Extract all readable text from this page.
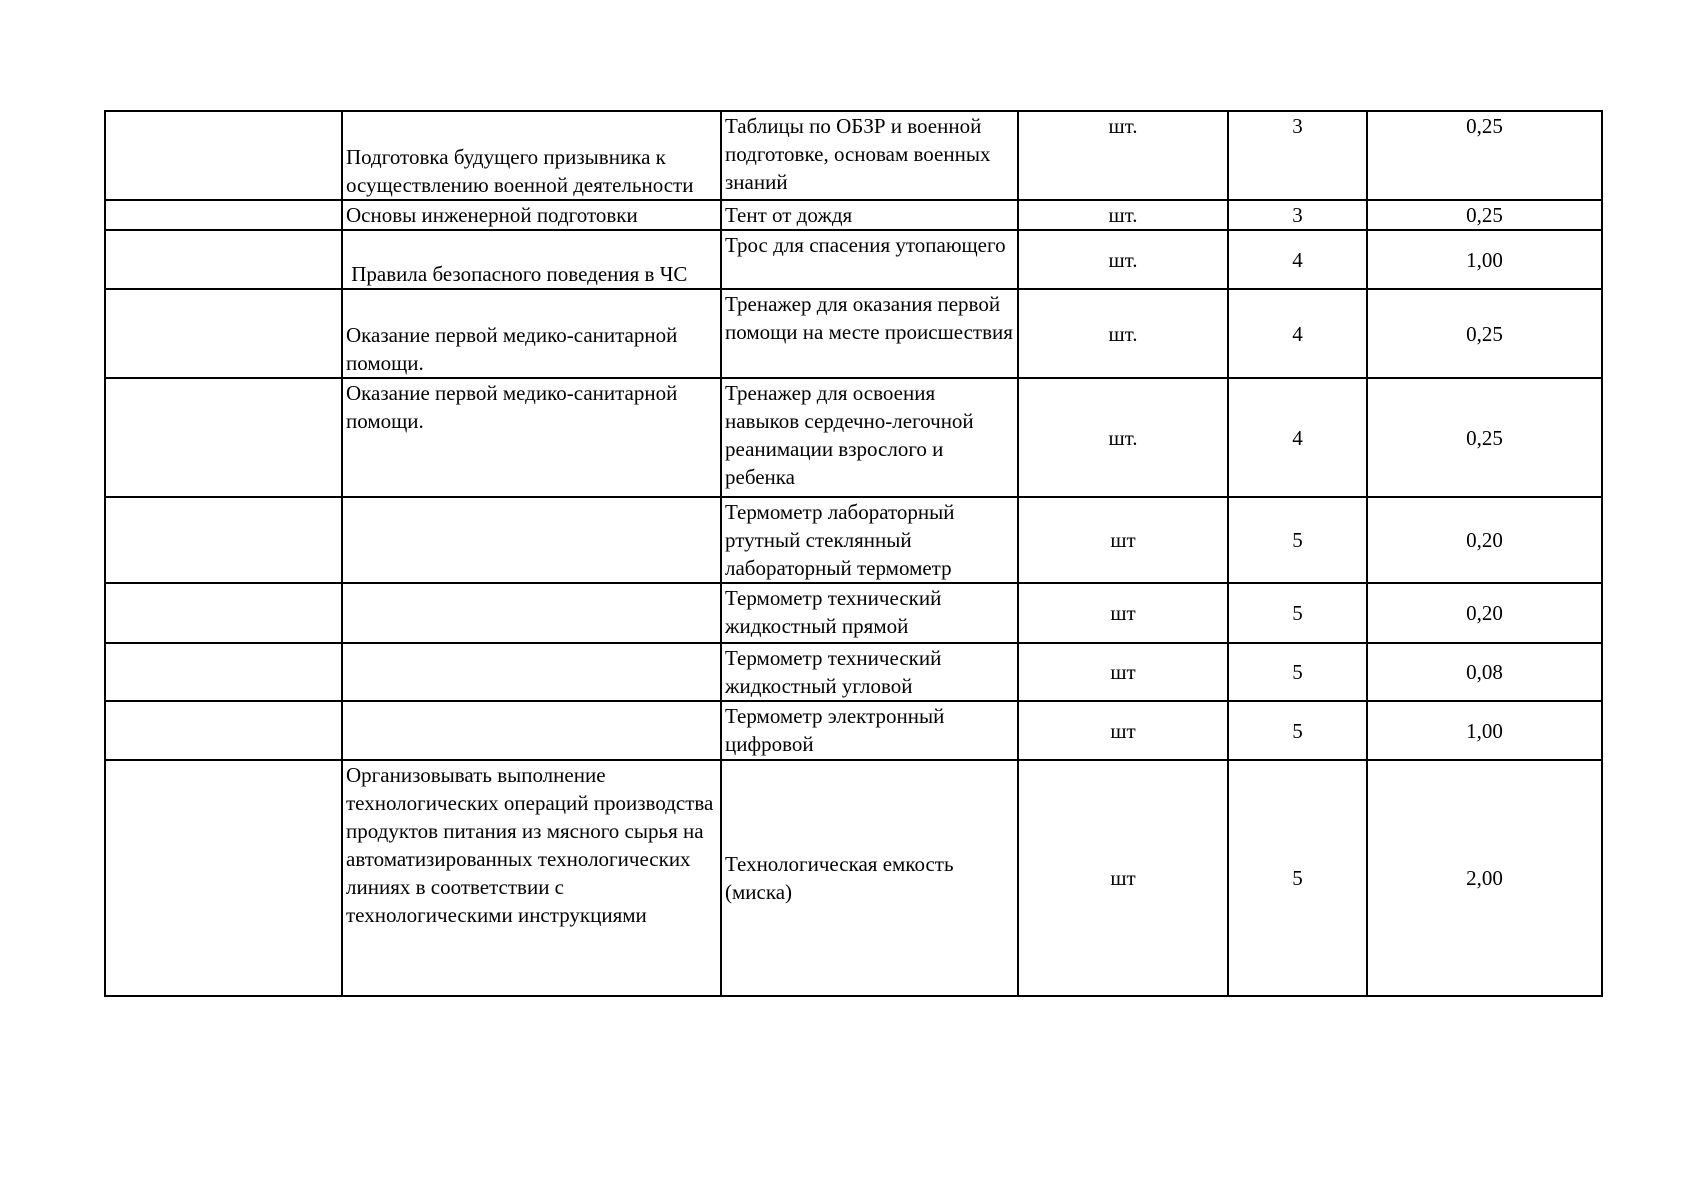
	Подготовка будущего призывника к осуществлению военной деятельности	Таблицы по ОБЗР и военной подготовке, основам военных знаний	шт.	3	0,25
	Основы инженерной подготовки	Тент от дождя	шт.	3	0,25
	Правила безопасного поведения в ЧС	Трос для спасения утопающего	шт.	4	1,00
	Оказание первой медико-санитарной помощи.	Тренажер для оказания первой помощи на месте происшествия	шт.	4	0,25
	Оказание первой медико-санитарной помощи.	Тренажер для освоения навыков сердечно-легочной реанимации взрослого и ребенка	шт.	4	0,25
		Термометр лабораторный ртутный стеклянный лабораторный термометр	шт	5	0,20
		Термометр технический жидкостный прямой	шт	5	0,20
		Термометр технический жидкостный угловой	шт	5	0,08
		Термометр электронный цифровой	шт	5	1,00
	Организовывать выполнение технологических операций производства продуктов питания из мясного сырья на автоматизированных технологических линиях в соответствии с технологическими инструкциями	Технологическая емкость (миска)	шт	5	2,00
